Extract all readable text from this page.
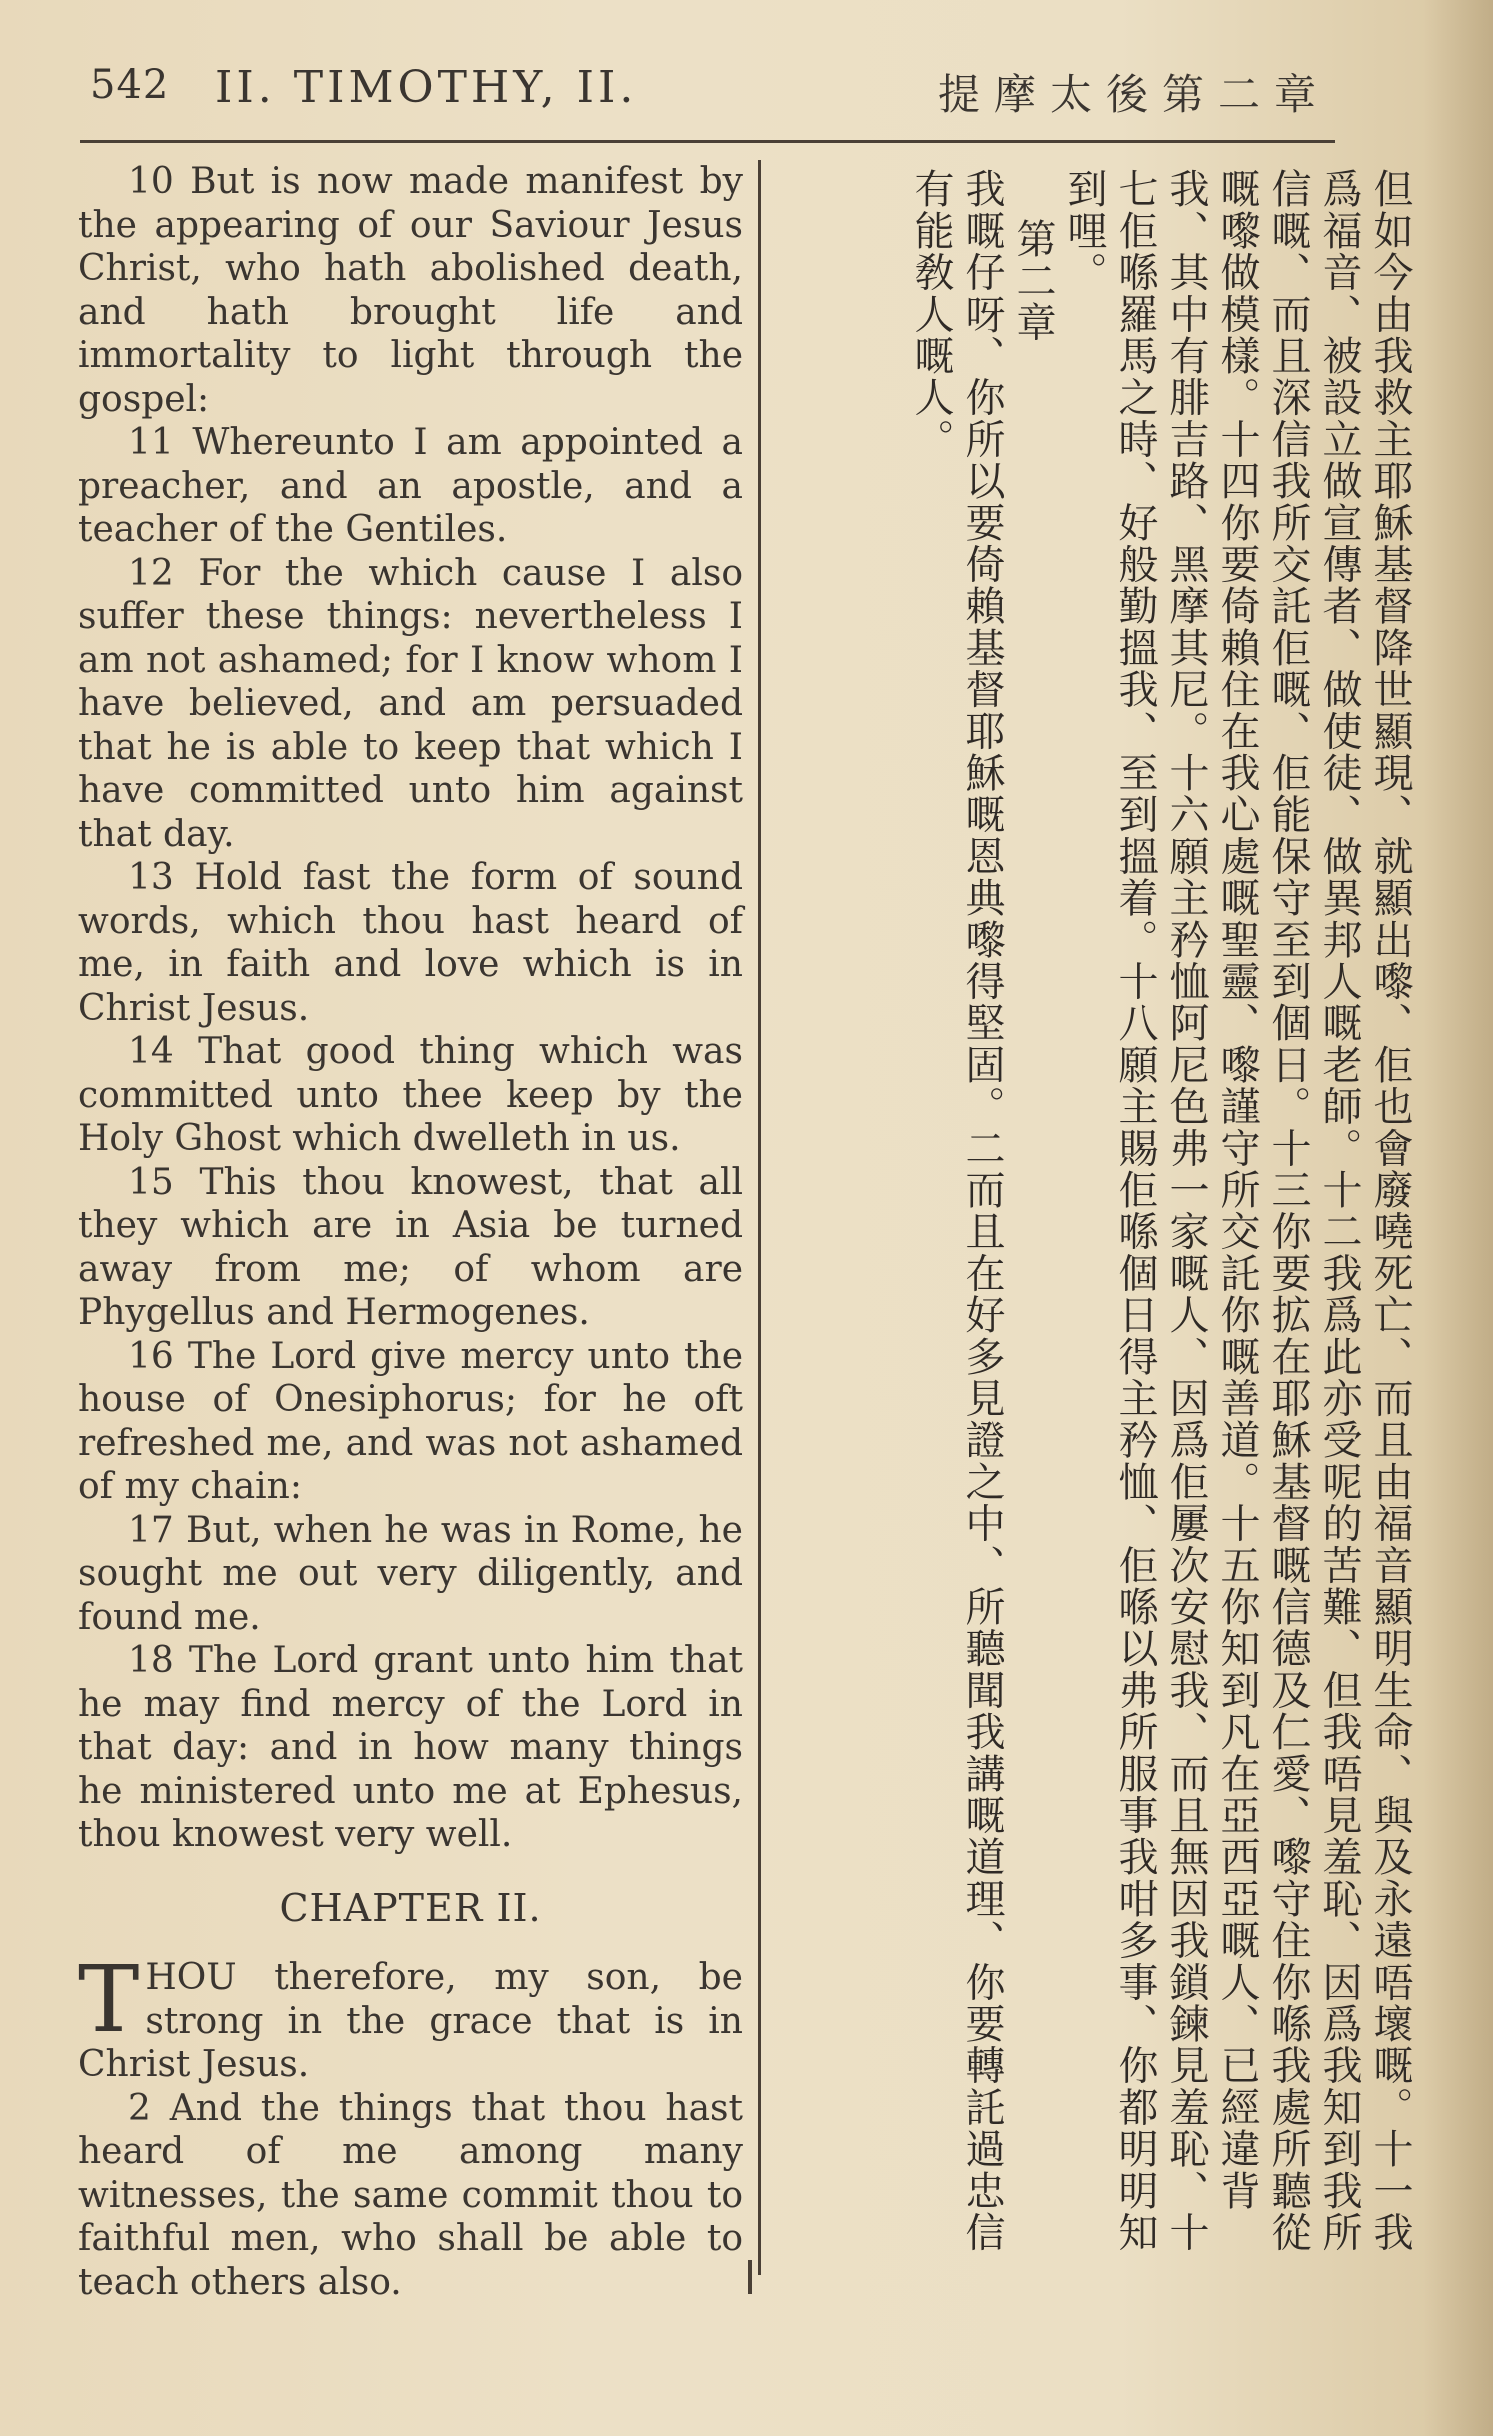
542 II. TIMOTHY, II.	提摩太後第二章

10 But is now made manifest by the appearing of our Saviour Jesus Christ, who hath abolished death, and hath brought life and immortality to light through the gospel:

11 Whereunto I am appointed a preacher, and an apostle, and a teacher of the Gentiles.

12 For the which cause I also suffer these things: nevertheless I am not ashamed; for I know whom I have believed, and am persuaded that he is able to keep that which I have committed unto him against that day.

13 Hold fast the form of sound words, which thou hast heard of me, in faith and love which is in Christ Jesus.

14 That good thing which was committed unto thee keep by the Holy Ghost which dwelleth in us.

15 This thou knowest, that all they which are in Asia be turned away from me; of whom are Phygellus and Hermogenes.

16 The Lord give mercy unto the house of Onesiphorus; for he oft refreshed me, and was not ashamed of my chain:

17 But, when he was in Rome, he sought me out very diligently, and found me.

18 The Lord grant unto him that he may find mercy of the Lord in that day: and in how many things he ministered unto me at Ephesus, thou knowest very well.

CHAPTER II.

THOU therefore, my son, be strong in the grace that is in Christ Jesus.

2 And the things that thou hast heard of me among many witnesses, the same commit thou to faithful men, who shall be able to teach others also.

但如今由我救主耶穌基督降世顯現、就顯出嚟、佢也會廢嘵死亡、而且由福音顯明生命、與及永遠唔壞嘅。十一我爲福音、被設立做宣傳者、做使徒、做異邦人嘅老師。十二我爲此亦受呢的苦難、但我唔見羞恥、因爲我知到我所信嘅、而且深信我所交託佢嘅、佢能保守至到個日。十三你要拡在耶穌基督嘅信德及仁愛、嚟守住你喺我處所聽從嘅嚟做模樣。十四你要倚賴住在我心處嘅聖靈、嚟謹守所交託你嘅善道。十五你知到凡在亞西亞嘅人、已經違背我、其中有腓吉路、黑摩其尼。十六願主矜恤阿尼色弗一家嘅人、因爲佢屢次安慰我、而且無因我鎖鍊見羞恥、十七佢喺羅馬之時、好般勤搵我、至到搵着。十八願主賜佢喺個日得主矜恤、佢喺以弗所服事我咁多事、你都明明知到哩。

第二章

我嘅仔呀、你所以要倚賴基督耶穌嘅恩典嚟得堅固。二而且在好多見證之中、所聽聞我講嘅道理、你要轉託過忠信有能敎人嘅人。
